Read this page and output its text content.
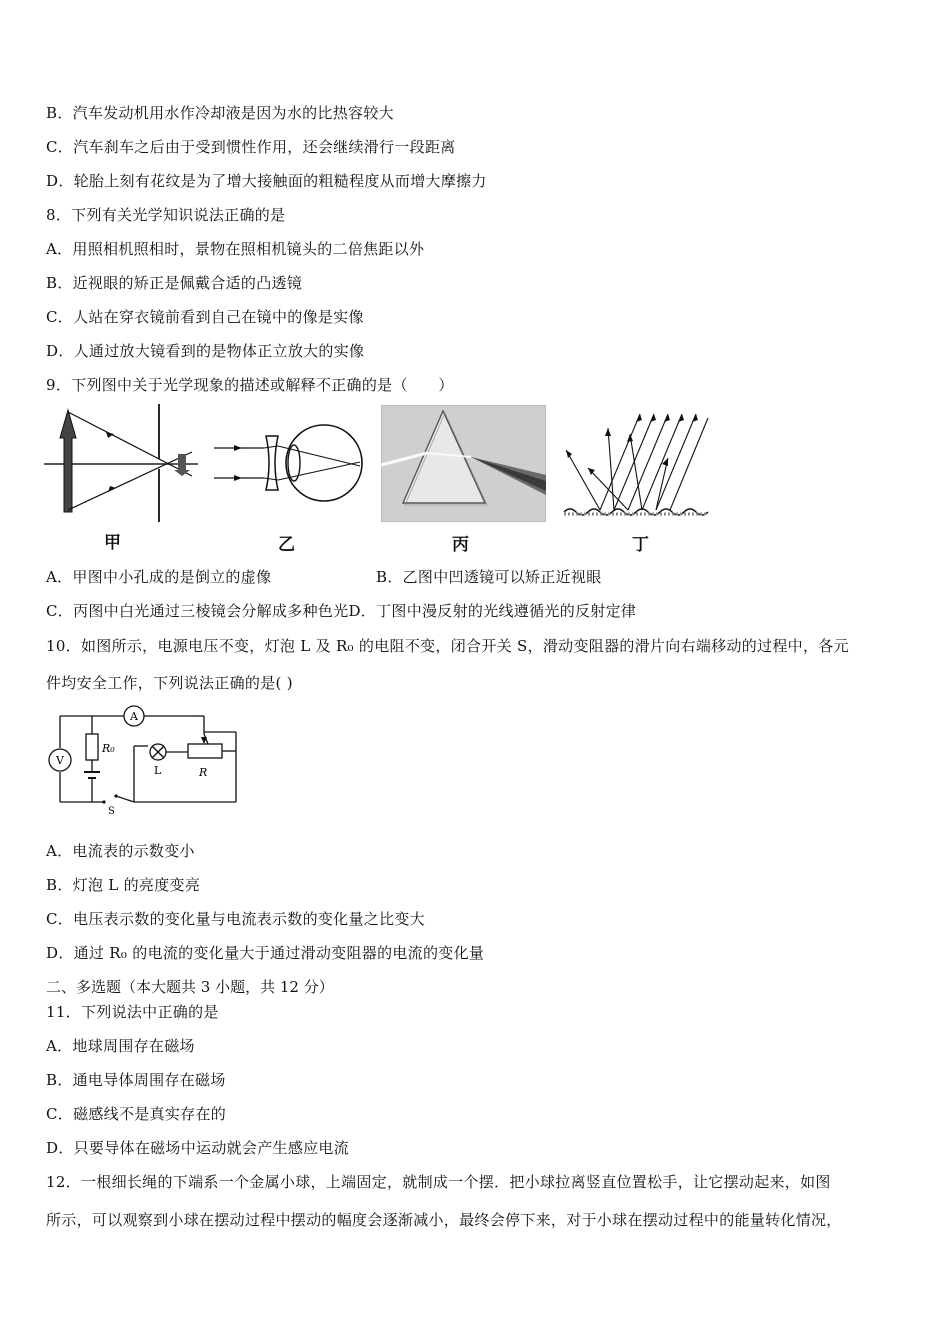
B．汽车发动机用水作冷却液是因为水的比热容较大
C．汽车刹车之后由于受到惯性作用，还会继续滑行一段距离
D．轮胎上刻有花纹是为了增大接触面的粗糙程度从而增大摩擦力
8．下列有关光学知识说法正确的是
A．用照相机照相时，景物在照相机镜头的二倍焦距以外
B．近视眼的矫正是佩戴合适的凸透镜
C．人站在穿衣镜前看到自己在镜中的像是实像
D．人通过放大镜看到的是物体正立放大的实像
9．下列图中关于光学现象的描述或解释不正确的是（　　）
甲	乙	丙	丁
A．甲图中小孔成的是倒立的虚像	B．乙图中凹透镜可以矫正近视眼
C．丙图中白光通过三棱镜会分解成多种色光D．丁图中漫反射的光线遵循光的反射定律
10．如图所示，电源电压不变，灯泡 L 及 R₀ 的电阻不变，闭合开关 S，滑动变阻器的滑片向右端移动的过程中，各元
件均安全工作，下列说法正确的是( )
A
V
R₀
L	R
S
A．电流表的示数变小
B．灯泡 L 的亮度变亮
C．电压表示数的变化量与电流表示数的变化量之比变大
D．通过 R₀ 的电流的变化量大于通过滑动变阻器的电流的变化量
二、多选题（本大题共 3 小题，共 12 分）
11．下列说法中正确的是
A．地球周围存在磁场
B．通电导体周围存在磁场
C．磁感线不是真实存在的
D．只要导体在磁场中运动就会产生感应电流
12．一根细长绳的下端系一个金属小球，上端固定，就制成一个摆．把小球拉离竖直位置松手，让它摆动起来，如图
所示，可以观察到小球在摆动过程中摆动的幅度会逐渐减小，最终会停下来，对于小球在摆动过程中的能量转化情况，
